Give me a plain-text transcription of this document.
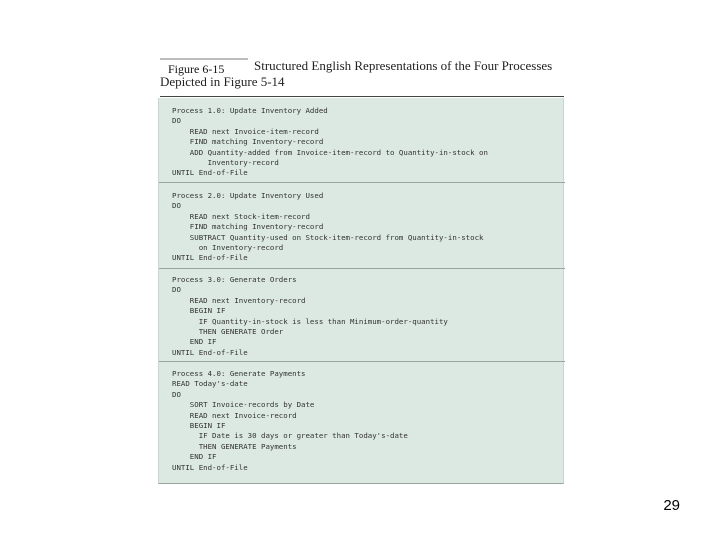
Figure 6-15	Structured English Representations of the Four Processes
Depicted in Figure 5-14
Process 1.0: Update Inventory Added
DO
READ next Invoice-item-record
FIND matching Inventory-record
ADD Quantity-added from Invoice-item-record to Quantity-in-stock on
Inventory-record
UNTIL End-of-File
Process 2.0: Update Inventory Used
DO
READ next Stock-item-record
FIND matching Inventory-record
SUBTRACT Quantity-used on Stock-item-record from Quantity-in-stock
on Inventory-record
UNTIL End-of-File
Process 3.0: Generate Orders
DO
READ next Inventory-record
BEGIN IF
IF Quantity-in-stock is less than Minimum-order-quantity
THEN GENERATE Order
END IF
UNTIL End-of-File
Process 4.0: Generate Payments
READ Today's-date
DO
SORT Invoice-records by Date
READ next Invoice-record
BEGIN IF
IF Date is 30 days or greater than Today's-date
THEN GENERATE Payments
END IF
UNTIL End-of-File
29
